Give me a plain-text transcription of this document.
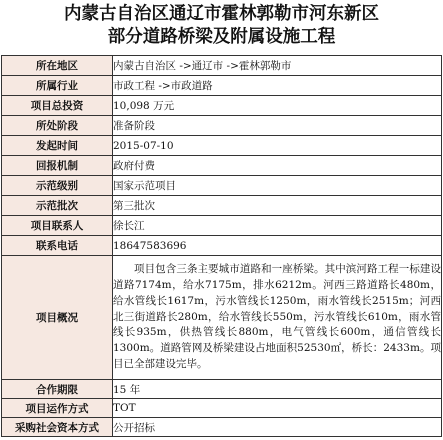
内蒙古自治区通辽市霍林郭勒市河东新区
部分道路桥梁及附属设施工程
所在地区	内蒙古自治区 ->通辽市 ->霍林郭勒市
所属行业	市政工程 ->市政道路
项目总投资	10,098 万元
所处阶段	准备阶段
发起时间	2015-07-10
回报机制	政府付费
示范级别	国家示范项目
示范批次	第三批次
项目联系人	徐长江
联系电话	18647583696
项目概况	项目包含三条主要城市道路和一座桥梁。其中滨河路工程一标建设道路7174m，给水7175m，排水6212m。河西三路道路长480m，给水管线长1617m，污水管线长1250m，雨水管线长2515m；河西北三街道路长280m，给水管线长550m，污水管线长610m，雨水管线长935m，供热管线长880m，电气管线长600m，通信管线长1300m。道路管网及桥梁建设占地面积52530㎡，桥长：2433m。项目已全部建设完毕。

合作期限	15 年
项目运作方式	TOT
采购社会资本方式	公开招标
